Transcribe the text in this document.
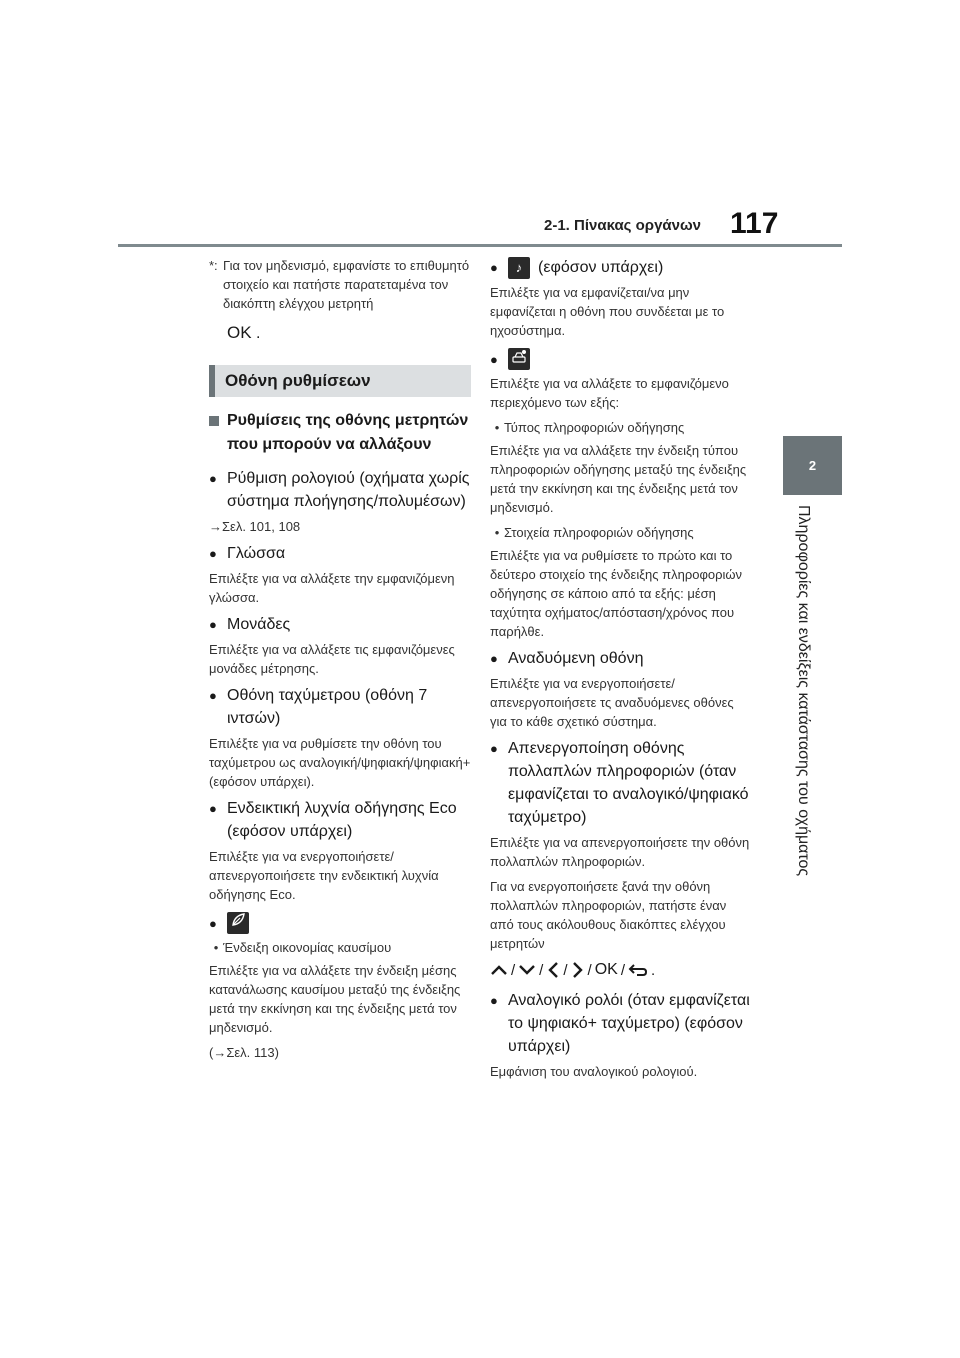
2-1. Πίνακας οργάνων 117
2
Πληροφορίες και ενδείξεις κατάστασης του οχήματος
*: Για τον μηδενισμό, εμφανίστε το επιθυμητό στοιχείο και πατήστε παρατεταμένα τον διακόπτη ελέγχου μετρητή
OK .
Οθόνη ρυθμίσεων
Ρυθμίσεις της οθόνης μετρητών που μπορούν να αλλάξουν
● Ρύθμιση ρολογιού (οχήματα χωρίς σύστημα πλοήγησης/πολυμέσων)
→Σελ. 101, 108
● Γλώσσα
Επιλέξτε για να αλλάξετε την εμφανιζόμενη γλώσσα.
● Μονάδες
Επιλέξτε για να αλλάξετε τις εμφανιζόμενες μονάδες μέτρησης.
● Οθόνη ταχύμετρου (οθόνη 7 ιντσών)
Επιλέξτε για να ρυθμίσετε την οθόνη του ταχύμετρου ως αναλογική/ψηφιακή/ψηφιακή+ (εφόσον υπάρχει).
● Ενδεικτική λυχνία οδήγησης Eco (εφόσον υπάρχει)
Επιλέξτε για να ενεργοποιήσετε/απενεργοποιήσετε την ενδεικτική λυχνία οδήγησης Eco.
●
• Ένδειξη οικονομίας καυσίμου
Επιλέξτε για να αλλάξετε την ένδειξη μέσης κατανάλωσης καυσίμου μεταξύ της ένδειξης μετά την εκκίνηση και της ένδειξης μετά τον μηδενισμό.
(→Σελ. 113)
●	♪ (εφόσον υπάρχει)
Επιλέξτε για να εμφανίζεται/να μην εμφανίζεται η οθόνη που συνδέεται με το ηχοσύστημα.
●
Επιλέξτε για να αλλάξετε το εμφανιζόμενο περιεχόμενο των εξής:
• Τύπος πληροφοριών οδήγησης
Επιλέξτε για να αλλάξετε την ένδειξη τύπου πληροφοριών οδήγησης μεταξύ της ένδειξης μετά την εκκίνηση και της ένδειξης μετά τον μηδενισμό.
• Στοιχεία πληροφοριών οδήγησης
Επιλέξτε για να ρυθμίσετε το πρώτο και το δεύτερο στοιχείο της ένδειξης πληροφοριών οδήγησης σε κάποιο από τα εξής: μέση ταχύτητα οχήματος/απόσταση/χρόνος που παρήλθε.
● Αναδυόμενη οθόνη
Επιλέξτε για να ενεργοποιήσετε/απενεργοποιήσετε τς αναδυόμενες οθόνες για το κάθε σχετικό σύστημα.
● Απενεργοποίηση οθόνης πολλαπλών πληροφοριών (όταν εμφανίζεται το αναλογικό/ψηφιακό ταχύμετρο)
Επιλέξτε για να απενεργοποιήσετε την οθόνη πολλαπλών πληροφοριών.
Για να ενεργοποιήσετε ξανά την οθόνη πολλαπλών πληροφοριών, πατήστε έναν από τους ακόλουθους διακόπτες ελέγχου μετρητών
/ / / / OK / .
● Αναλογικό ρολόι (όταν εμφανίζεται το ψηφιακό+ ταχύμετρο) (εφόσον υπάρχει)
Εμφάνιση του αναλογικού ρολογιού.
